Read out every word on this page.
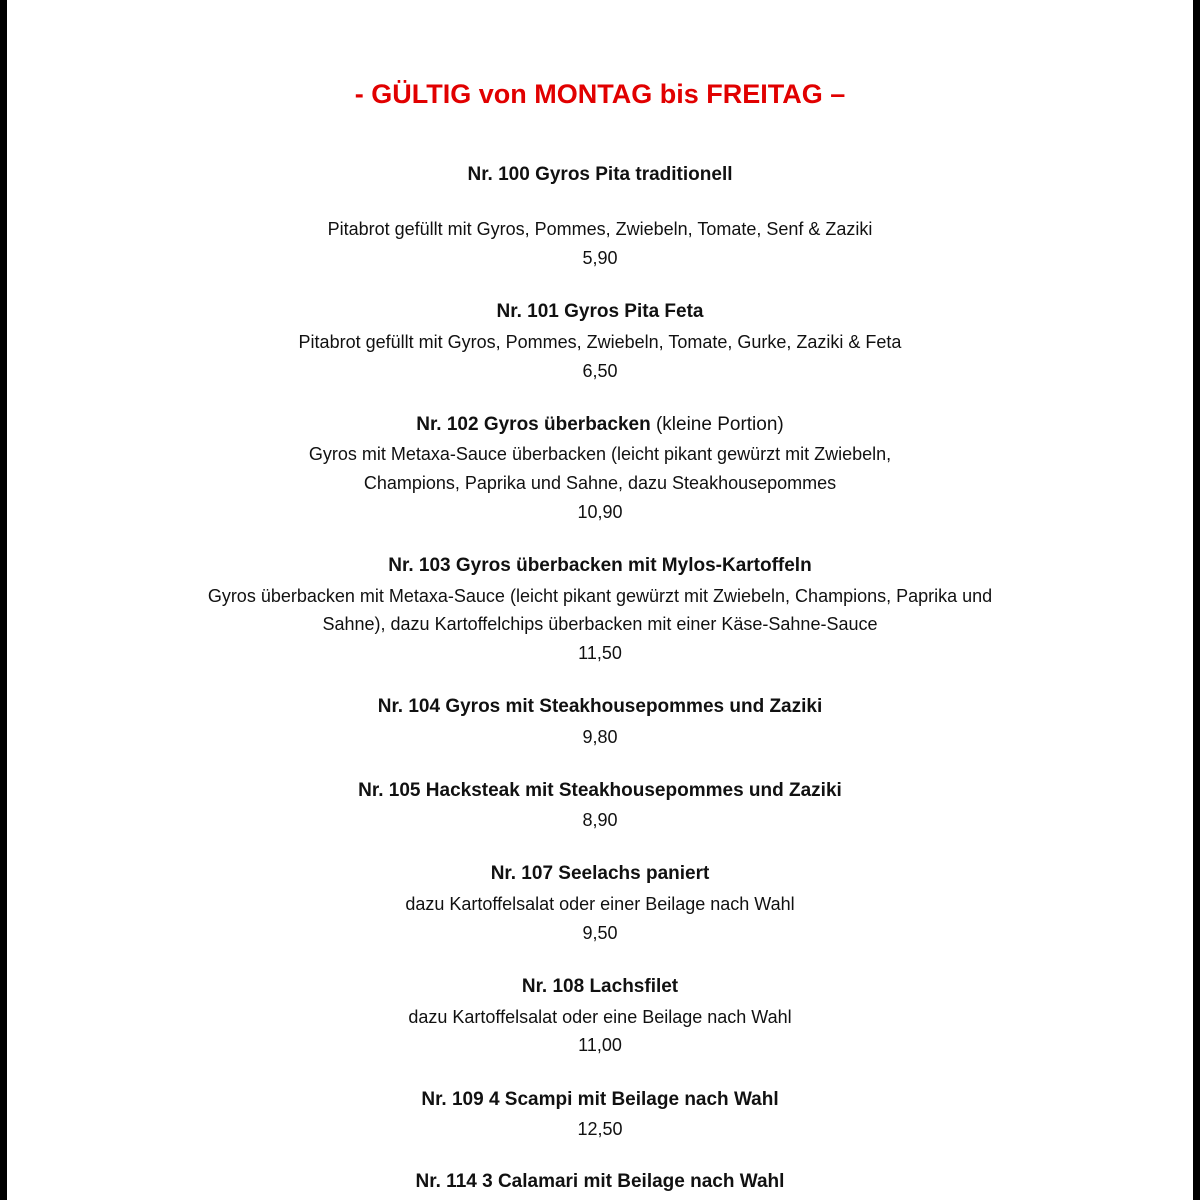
- GÜLTIG von MONTAG bis FREITAG –
Nr. 100 Gyros Pita traditionell
Pitabrot gefüllt mit Gyros, Pommes, Zwiebeln, Tomate, Senf & Zaziki
5,90
Nr. 101 Gyros Pita Feta
Pitabrot gefüllt mit Gyros, Pommes, Zwiebeln, Tomate, Gurke, Zaziki & Feta
6,50
Nr. 102 Gyros überbacken (kleine Portion)
Gyros mit Metaxa-Sauce überbacken (leicht pikant gewürzt mit Zwiebeln,
Champions, Paprika und Sahne, dazu Steakhousepommes
10,90
Nr. 103 Gyros überbacken mit Mylos-Kartoffeln
Gyros überbacken mit Metaxa-Sauce (leicht pikant gewürzt mit Zwiebeln, Champions, Paprika und
Sahne), dazu Kartoffelchips überbacken mit einer Käse-Sahne-Sauce
11,50
Nr. 104 Gyros mit Steakhousepommes und Zaziki
9,80
Nr. 105 Hacksteak mit Steakhousepommes und Zaziki
8,90
Nr. 107 Seelachs paniert
dazu Kartoffelsalat oder einer Beilage nach Wahl
9,50
Nr. 108 Lachsfilet
dazu Kartoffelsalat oder eine Beilage nach Wahl
11,00
Nr. 109 4 Scampi mit Beilage nach Wahl
12,50
Nr. 114 3 Calamari mit Beilage nach Wahl
